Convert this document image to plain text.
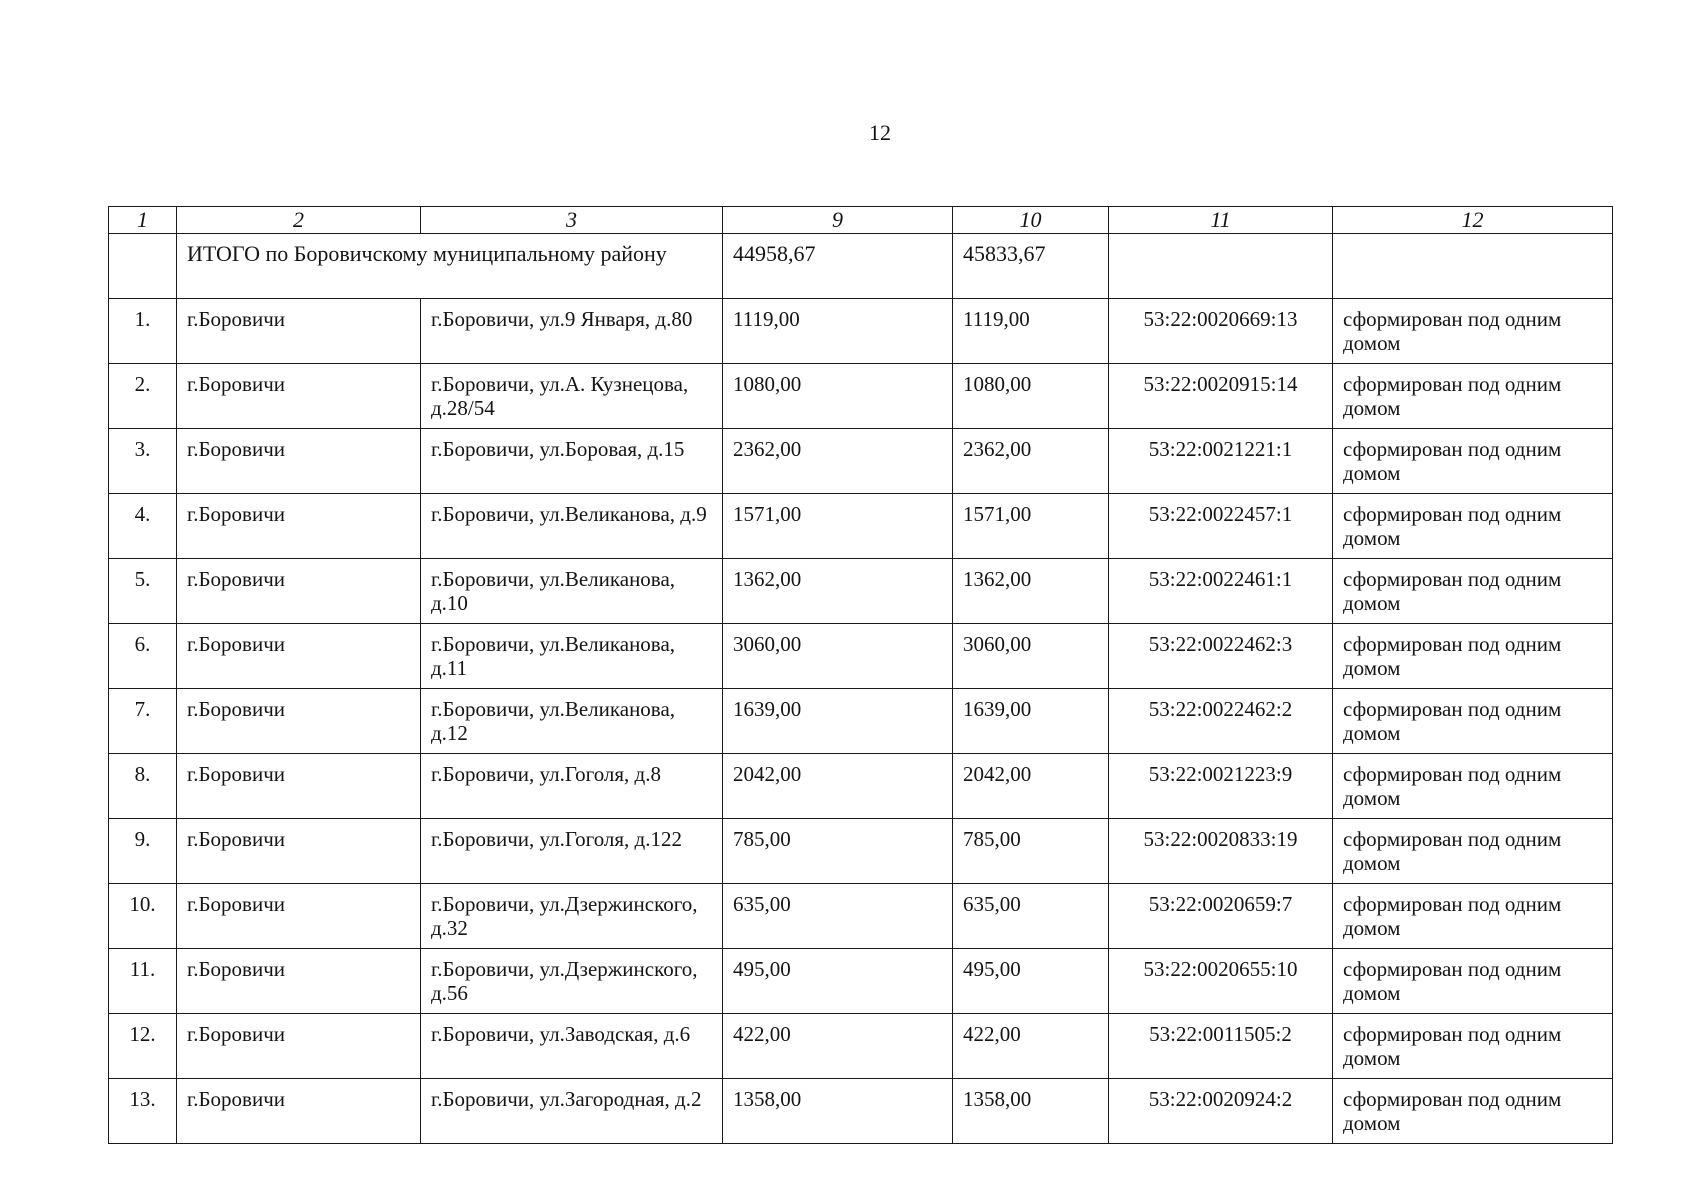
12
1	2	3	9	10	11	12
	ИТОГО по Боровичскому муниципальному району		44958,67	45833,67		
1.	г.Боровичи	г.Боровичи, ул.9 Января, д.80	1119,00	1119,00	53:22:0020669:13	сформирован под одним домом
2.	г.Боровичи	г.Боровичи, ул.А. Кузнецова, д.28/54	1080,00	1080,00	53:22:0020915:14	сформирован под одним домом
3.	г.Боровичи	г.Боровичи, ул.Боровая, д.15	2362,00	2362,00	53:22:0021221:1	сформирован под одним домом
4.	г.Боровичи	г.Боровичи, ул.Великанова, д.9	1571,00	1571,00	53:22:0022457:1	сформирован под одним домом
5.	г.Боровичи	г.Боровичи, ул.Великанова, д.10	1362,00	1362,00	53:22:0022461:1	сформирован под одним домом
6.	г.Боровичи	г.Боровичи, ул.Великанова, д.11	3060,00	3060,00	53:22:0022462:3	сформирован под одним домом
7.	г.Боровичи	г.Боровичи, ул.Великанова, д.12	1639,00	1639,00	53:22:0022462:2	сформирован под одним домом
8.	г.Боровичи	г.Боровичи, ул.Гоголя, д.8	2042,00	2042,00	53:22:0021223:9	сформирован под одним домом
9.	г.Боровичи	г.Боровичи, ул.Гоголя, д.122	785,00	785,00	53:22:0020833:19	сформирован под одним домом
10.	г.Боровичи	г.Боровичи, ул.Дзержинского, д.32	635,00	635,00	53:22:0020659:7	сформирован под одним домом
11.	г.Боровичи	г.Боровичи, ул.Дзержинского, д.56	495,00	495,00	53:22:0020655:10	сформирован под одним домом
12.	г.Боровичи	г.Боровичи, ул.Заводская, д.6	422,00	422,00	53:22:0011505:2	сформирован под одним домом
13.	г.Боровичи	г.Боровичи, ул.Загородная, д.2	1358,00	1358,00	53:22:0020924:2	сформирован под одним домом
